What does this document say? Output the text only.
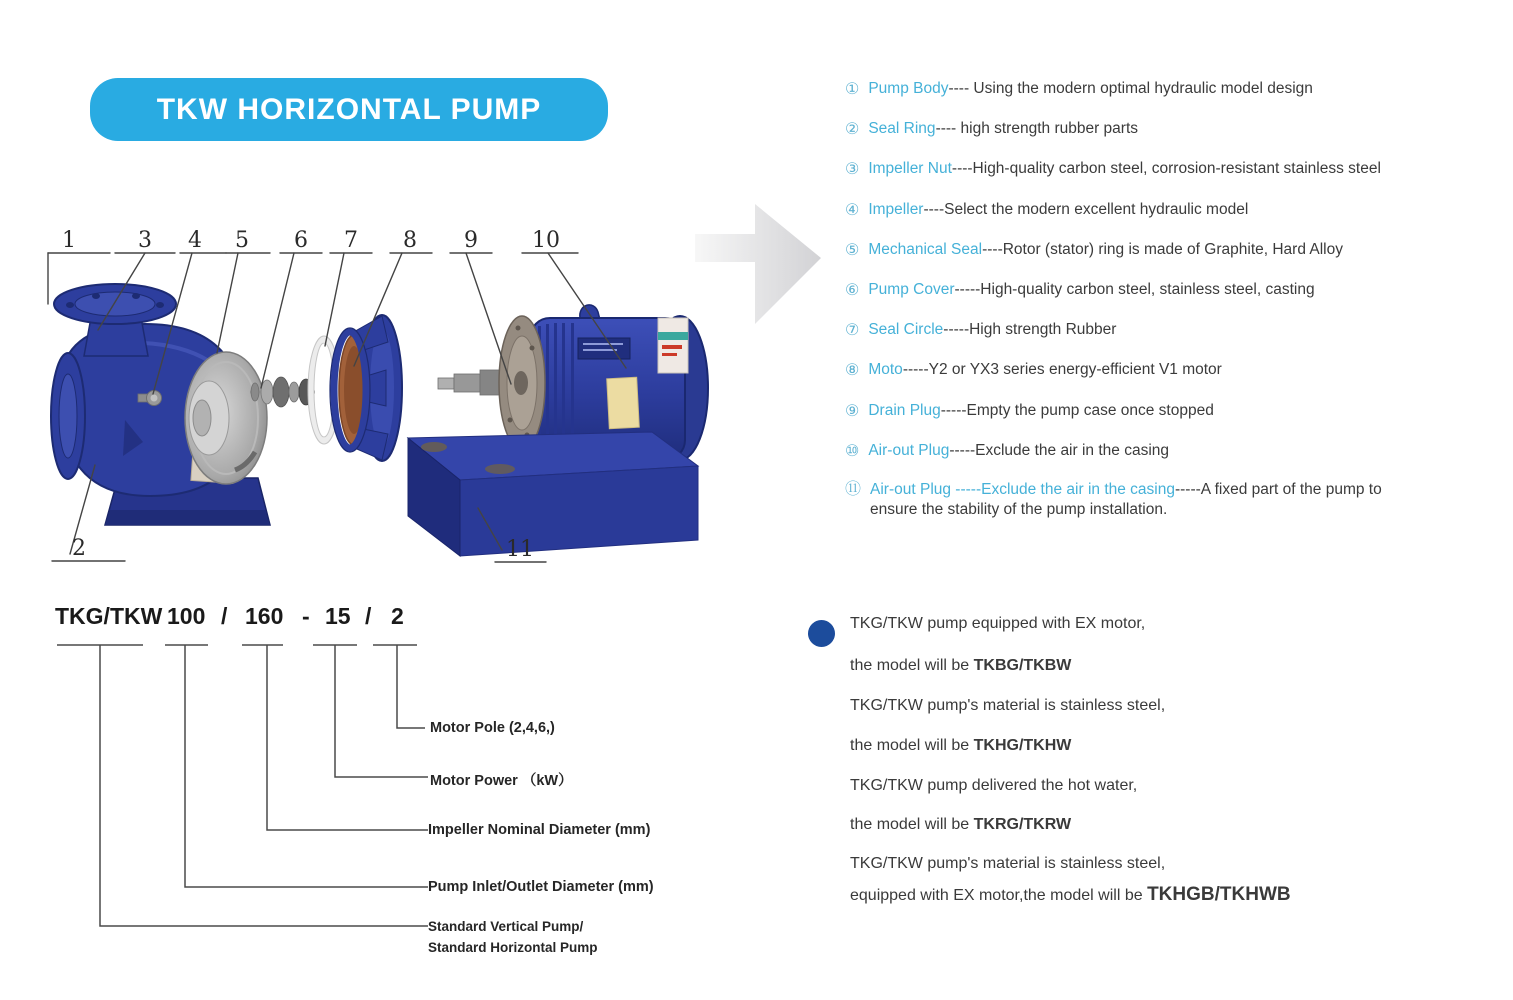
TKW HORIZONTAL PUMP
1	3 4 5 6 7 8 9 10
2	11
① Pump Body ---- Using the modern optimal hydraulic model design
② Seal Ring ---- high strength rubber parts
③ Impeller Nut ----High-quality carbon steel, corrosion-resistant stainless steel
④ Impeller ----Select the modern excellent hydraulic model
⑤ Mechanical Seal ----Rotor (stator) ring is made of Graphite, Hard Alloy
⑥ Pump Cover -----High-quality carbon steel, stainless steel, casting
⑦ Seal Circle -----High strength Rubber
⑧ Moto -----Y2 or YX3 series energy-efficient V1 motor
⑨ Drain Plug -----Empty the pump case once stopped
⑩ Air-out Plug -----Exclude the air in the casing
⑪ Air-out Plug -----Exclude the air in the casing-----A fixed part of the pump to
ensure the stability of the pump installation.
TKG/TKW 100 / 160 - 15 / 2
Motor Pole (2,4,6,)
Motor Power （kW）
Impeller Nominal Diameter (mm)
Pump Inlet/Outlet Diameter (mm)
Standard Vertical Pump/
Standard Horizontal Pump
TKG/TKW pump equipped with EX motor,
the model will be TKBG/TKBW
TKG/TKW pump's material is stainless steel,
the model will be TKHG/TKHW
TKG/TKW pump delivered the hot water,
the model will be TKRG/TKRW
TKG/TKW pump's material is stainless steel,
equipped with EX motor,the model will be TKHGB/TKHWB
